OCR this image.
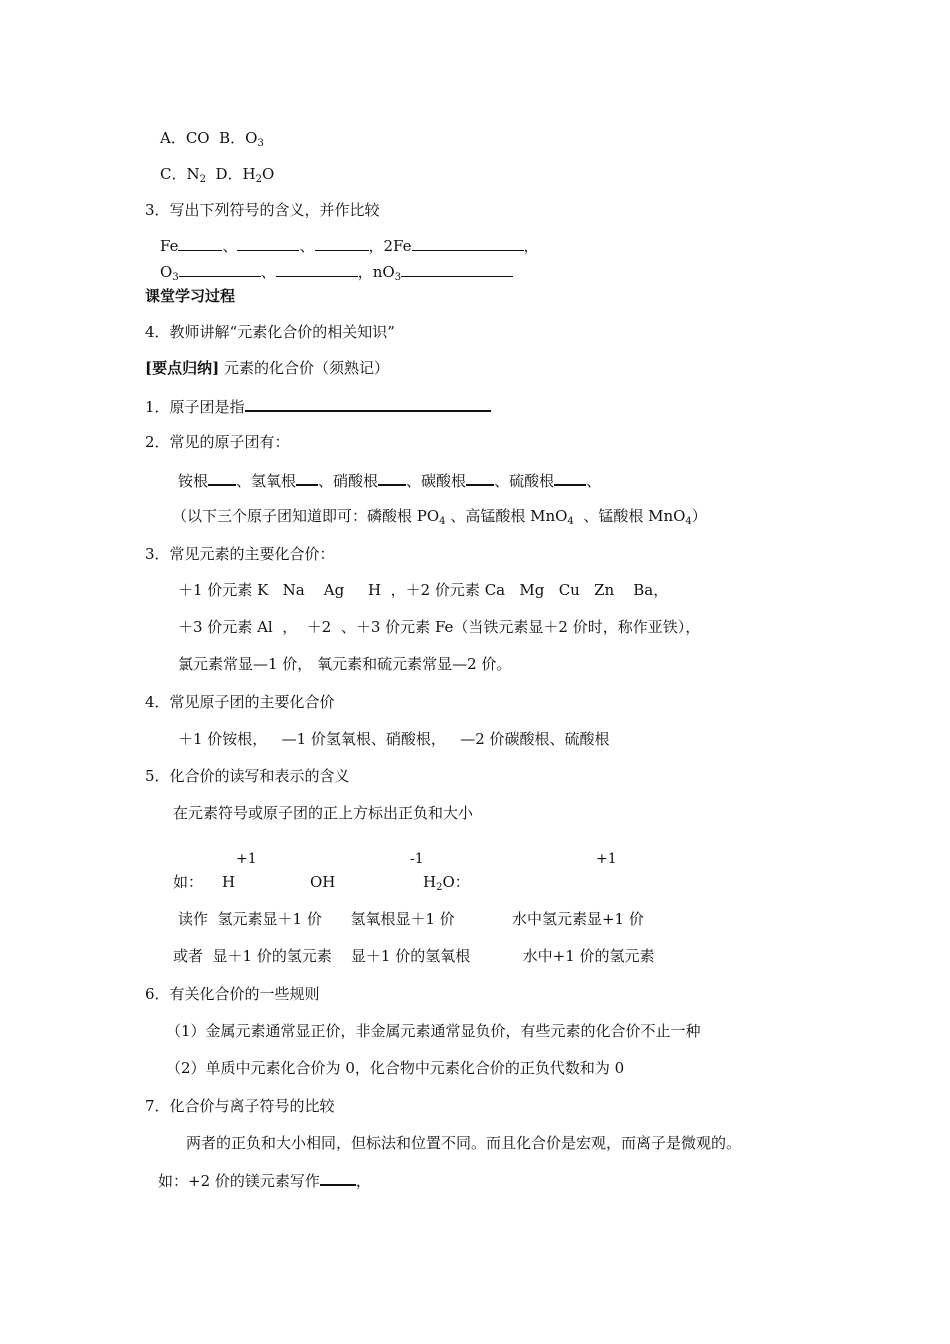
A．CO B．$O_3$
C．$N_2$ D．$H_2O$
3．写出下列符号的含义，并作比较
Fe	、	、	，2Fe	，
$O_3$	、	，$nO_3$
课堂学习过程
4．教师讲解“元素化合价的相关知识”
[要点归纳] 元素的化合价（须熟记）
1．原子团是指
2．常见的原子团有：
铵根 、氢氧根 、硝酸根 、碳酸根 、硫酸根 、
（以下三个原子团知道即可：磷酸根 $PO_4$ 、高锰酸根 MnO$_4$  、锰酸根 MnO$_4$）
3．常见元素的主要化合价：
＋1 价元素 K   Na    Ag     H  ，＋2 价元素 Ca   Mg   Cu   Zn    Ba，
＋3 价元素 Al  ，  ＋2  、＋3 价元素 Fe（当铁元素显＋2 价时，称作亚铁），
氯元素常显—1 价， 氧元素和硫元素常显—2 价。
4．常见原子团的主要化合价
＋1 价铵根，   —1 价氢氧根、硝酸根，   —2 价碳酸根、硫酸根
5．化合价的读写和表示的含义
在元素符号或原子团的正上方标出正负和大小
+1	-1	+1
如： H	OH	$H_2O$：
读作  氢元素显＋1 价      氢氧根显＋1 价            水中氢元素显+1 价
或者  显＋1 价的氢元素    显＋1 价的氢氧根           水中+1 价的氢元素
6．有关化合价的一些规则
（1）金属元素通常显正价，非金属元素通常显负价，有些元素的化合价不止一种
（2）单质中元素化合价为 0，化合物中元素化合价的正负代数和为 0
7．化合价与离子符号的比较
两者的正负和大小相同，但标法和位置不同。而且化合价是宏观，而离子是微观的。
如：+2 价的镁元素写作 ，
